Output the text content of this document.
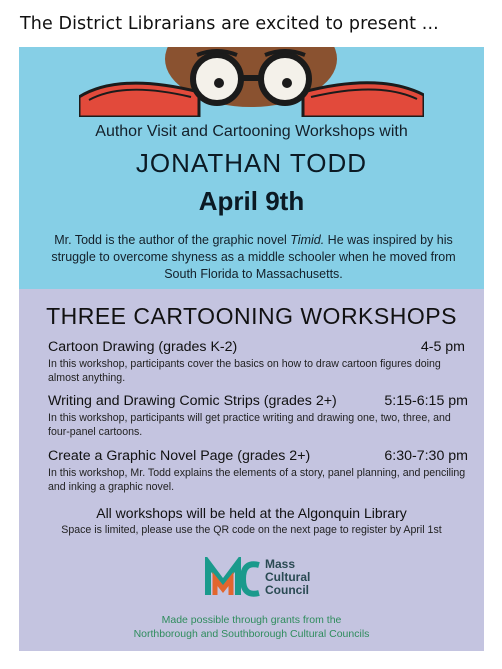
The District Librarians are excited to present ...
Author Visit and Cartooning Workshops with
JONATHAN TODD
April 9th
Mr. Todd is the author of the graphic novel Timid. He was inspired by his struggle to overcome shyness as a middle schooler when he moved from South Florida to Massachusetts.
THREE CARTOONING WORKSHOPS
Cartoon Drawing (grades K-2)	4-5 pm
In this workshop, participants cover the basics on how to draw cartoon figures doing almost anything.
Writing and Drawing Comic Strips (grades 2+)	5:15-6:15 pm
In this workshop, participants will get practice writing and drawing one, two, three, and four-panel cartoons.
Create a Graphic Novel Page (grades 2+)	6:30-7:30 pm
In this workshop, Mr. Todd explains the elements of a story, panel planning, and penciling and inking a graphic novel.
All workshops will be held at the Algonquin Library
Space is limited, please use the QR code on the next page to register by April 1st
Mass
Cultural
Council
Made possible through grants from the
Northborough and Southborough Cultural Councils
